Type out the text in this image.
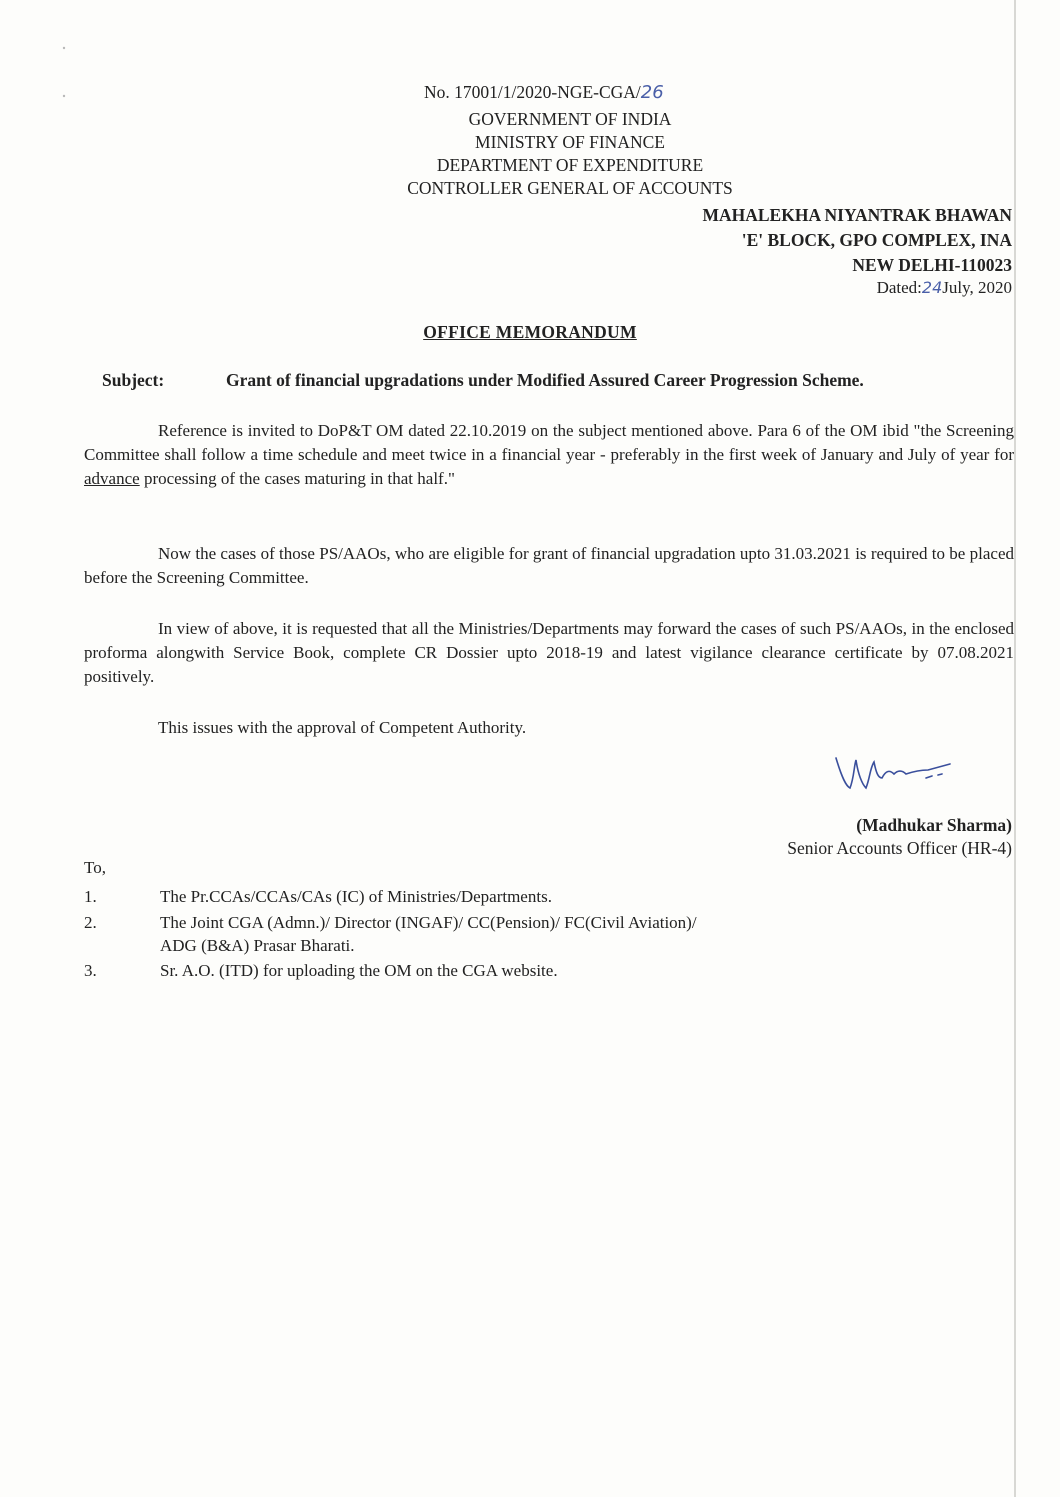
No. 17001/1/2020-NGE-CGA/26
GOVERNMENT OF INDIA
MINISTRY OF FINANCE
DEPARTMENT OF EXPENDITURE
CONTROLLER GENERAL OF ACCOUNTS
MAHALEKHA NIYANTRAK BHAWAN
'E' BLOCK, GPO COMPLEX, INA
NEW DELHI-110023
Dated:24July, 2020
OFFICE MEMORANDUM
Subject:	Grant of financial upgradations under Modified Assured Career Progression Scheme.
Reference is invited to DoP&T OM dated 22.10.2019 on the subject mentioned above. Para 6 of the OM ibid "the Screening Committee shall follow a time schedule and meet twice in a financial year - preferably in the first week of January and July of year for advance processing of the cases maturing in that half."
Now the cases of those PS/AAOs, who are eligible for grant of financial upgradation upto 31.03.2021 is required to be placed before the Screening Committee.
In view of above, it is requested that all the Ministries/Departments may forward the cases of such PS/AAOs, in the enclosed proforma alongwith Service Book, complete CR Dossier upto 2018-19 and latest vigilance clearance certificate by 07.08.2021 positively.
This issues with the approval of Competent Authority.
(Madhukar Sharma)
Senior Accounts Officer (HR-4)
To,
1.	The Pr.CCAs/CCAs/CAs (IC) of Ministries/Departments.
2.	The Joint CGA (Admn.)/ Director (INGAF)/ CC(Pension)/ FC(Civil Aviation)/
ADG (B&A) Prasar Bharati.
3.	Sr. A.O. (ITD) for uploading the OM on the CGA website.
